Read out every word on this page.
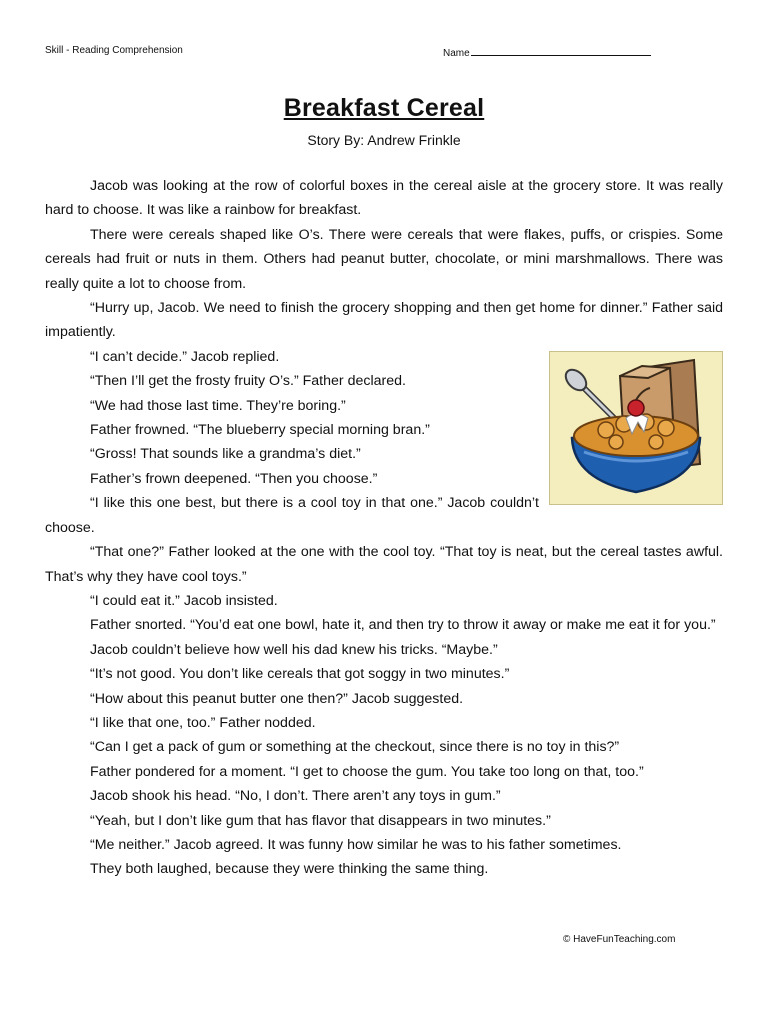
Skill - Reading Comprehension	Name
Breakfast Cereal
Story By: Andrew Frinkle

Jacob was looking at the row of colorful boxes in the cereal aisle at the grocery store. It was really hard to choose. It was like a rainbow for breakfast.

There were cereals shaped like O’s. There were cereals that were flakes, puffs, or crispies. Some cereals had fruit or nuts in them. Others had peanut butter, chocolate, or mini marshmallows. There was really quite a lot to choose from.

“Hurry up, Jacob. We need to finish the grocery shopping and then get home for dinner.” Father said impatiently.

“I can’t decide.” Jacob replied.

“Then I’ll get the frosty fruity O’s.” Father declared.

“We had those last time. They’re boring.”

Father frowned. “The blueberry special morning bran.”

“Gross! That sounds like a grandma’s diet.”

Father’s frown deepened. “Then you choose.”

“I like this one best, but there is a cool toy in that one.” Jacob couldn’t choose.

“That one?” Father looked at the one with the cool toy. “That toy is neat, but the cereal tastes awful. That’s why they have cool toys.”

“I could eat it.” Jacob insisted.

Father snorted. “You’d eat one bowl, hate it, and then try to throw it away or make me eat it for you.”

Jacob couldn’t believe how well his dad knew his tricks. “Maybe.”

“It’s not good. You don’t like cereals that got soggy in two minutes.”

“How about this peanut butter one then?” Jacob suggested.

“I like that one, too.” Father nodded.

“Can I get a pack of gum or something at the checkout, since there is no toy in this?”

Father pondered for a moment. “I get to choose the gum. You take too long on that, too.”

Jacob shook his head. “No, I don’t. There aren’t any toys in gum.”

“Yeah, but I don’t like gum that has flavor that disappears in two minutes.”

“Me neither.” Jacob agreed. It was funny how similar he was to his father sometimes.

They both laughed, because they were thinking the same thing.

© HaveFunTeaching.com
